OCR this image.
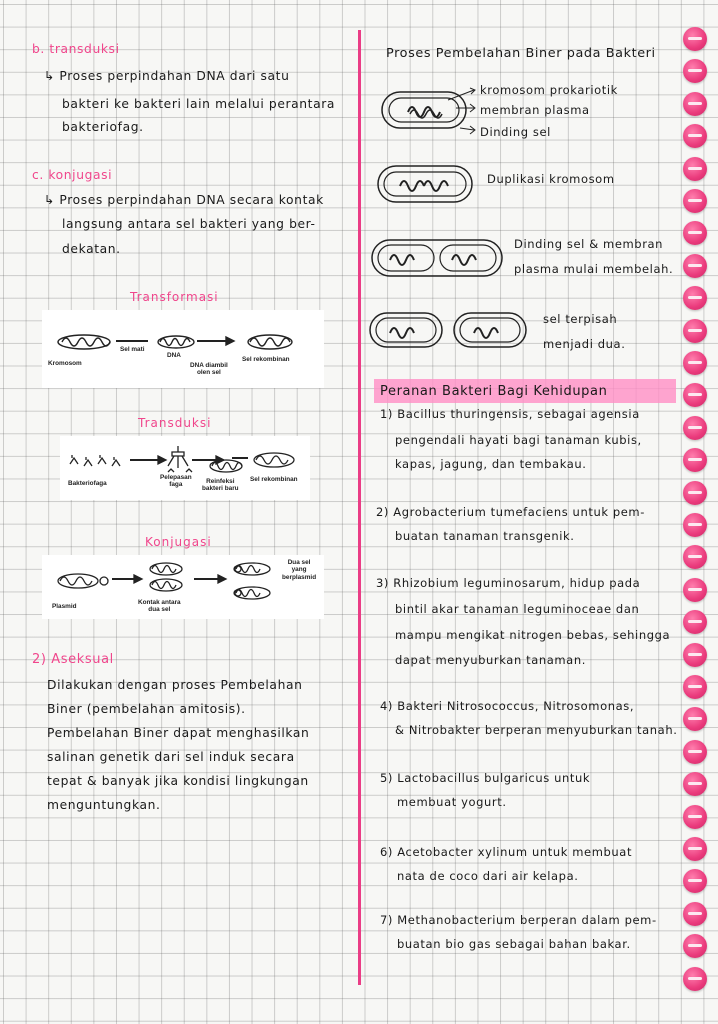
b. transduksi
↳ Proses perpindahan DNA dari satu
bakteri ke bakteri lain melalui perantara
bakteriofag.
c. konjugasi
↳ Proses perpindahan DNA secara kontak
langsung antara sel bakteri yang ber-
dekatan.
Transformasi
Kromosom
Sel mati
DNA
DNA diambil
olen sel
Sel rekombinan
Transduksi
Bakteriofaga
Pelepasan
faga	Reinfeksi
bakteri baru
Sel rekombinan
Konjugasi
Plasmid
Kontak antara
dua sel
Dua sel
yang
berplasmid
2) Aseksual
Dilakukan dengan proses Pembelahan
Biner (pembelahan amitosis).
Pembelahan Biner dapat menghasilkan
salinan genetik dari sel induk secara
tepat & banyak jika kondisi lingkungan
menguntungkan.
Proses Pembelahan Biner pada Bakteri
kromosom prokariotik
membran plasma
Dinding sel
Duplikasi kromosom
Dinding sel & membran
plasma mulai membelah.
sel terpisah
menjadi dua.
Peranan Bakteri Bagi Kehidupan
1) Bacillus thuringensis, sebagai agensia
pengendali hayati bagi tanaman kubis,
kapas, jagung, dan tembakau.
2) Agrobacterium tumefaciens untuk pem-
buatan tanaman transgenik.
3) Rhizobium leguminosarum, hidup pada
bintil akar tanaman leguminoceae dan
mampu mengikat nitrogen bebas, sehingga
dapat menyuburkan tanaman.
4) Bakteri Nitrosococcus, Nitrosomonas,
& Nitrobakter berperan menyuburkan tanah.
5) Lactobacillus bulgaricus untuk
membuat yogurt.
6) Acetobacter xylinum untuk membuat
nata de coco dari air kelapa.
7) Methanobacterium berperan dalam pem-
buatan bio gas sebagai bahan bakar.
